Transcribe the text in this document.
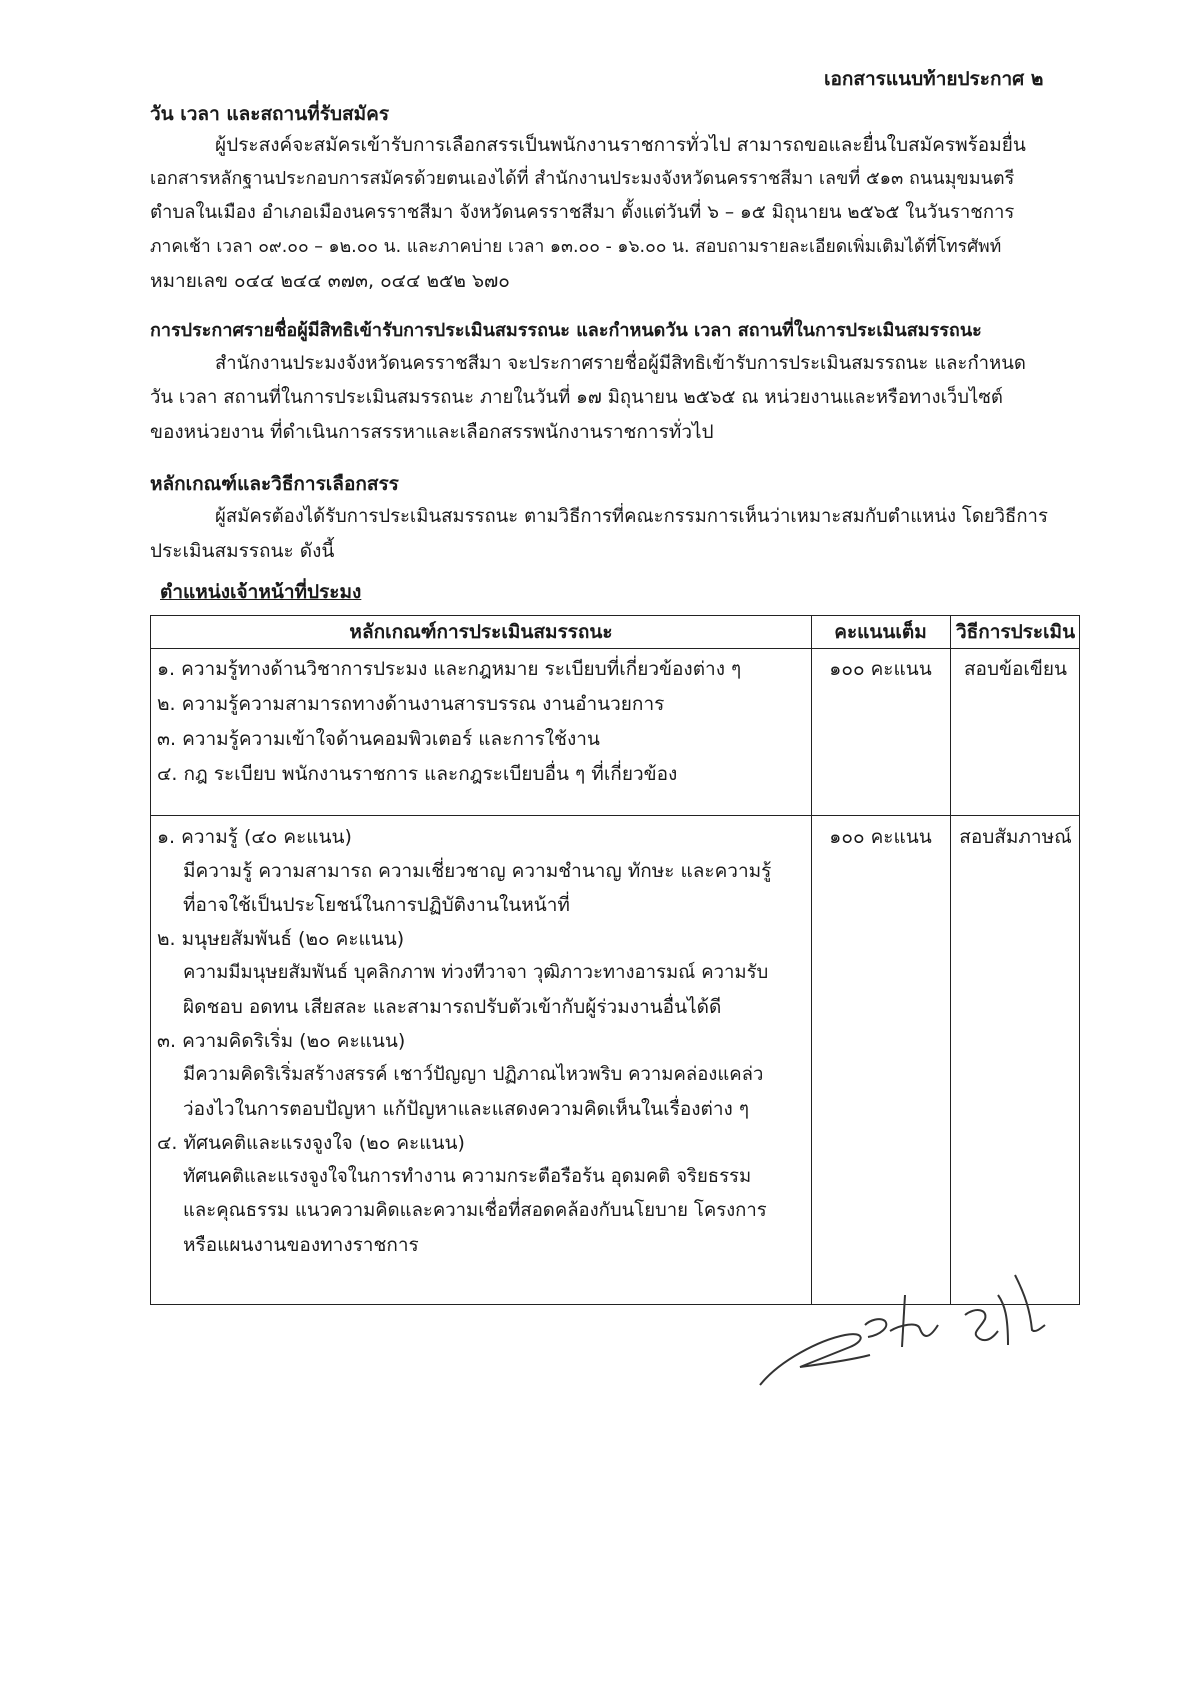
เอกสารแนบท้ายประกาศ ๒
วัน เวลา และสถานที่รับสมัคร
ผู้ประสงค์จะสมัครเข้ารับการเลือกสรรเป็นพนักงานราชการทั่วไป สามารถขอและยื่นใบสมัครพร้อมยื่น
เอกสารหลักฐานประกอบการสมัครด้วยตนเองได้ที่ สำนักงานประมงจังหวัดนครราชสีมา เลขที่ ๕๑๓ ถนนมุขมนตรี
ตำบลในเมือง อำเภอเมืองนครราชสีมา จังหวัดนครราชสีมา ตั้งแต่วันที่ ๖ – ๑๕ มิถุนายน ๒๕๖๕ ในวันราชการ
ภาคเช้า เวลา ๐๙.๐๐ – ๑๒.๐๐ น. และภาคบ่าย เวลา ๑๓.๐๐ - ๑๖.๐๐ น. สอบถามรายละเอียดเพิ่มเติมได้ที่โทรศัพท์
หมายเลข ๐๔๔ ๒๔๔ ๓๗๓, ๐๔๔ ๒๕๒ ๖๗๐
การประกาศรายชื่อผู้มีสิทธิเข้ารับการประเมินสมรรถนะ และกำหนดวัน เวลา สถานที่ในการประเมินสมรรถนะ
สำนักงานประมงจังหวัดนครราชสีมา จะประกาศรายชื่อผู้มีสิทธิเข้ารับการประเมินสมรรถนะ และกำหนด
วัน เวลา สถานที่ในการประเมินสมรรถนะ ภายในวันที่ ๑๗ มิถุนายน ๒๕๖๕ ณ หน่วยงานและหรือทางเว็บไซต์
ของหน่วยงาน ที่ดำเนินการสรรหาและเลือกสรรพนักงานราชการทั่วไป
หลักเกณฑ์และวิธีการเลือกสรร
ผู้สมัครต้องได้รับการประเมินสมรรถนะ ตามวิธีการที่คณะกรรมการเห็นว่าเหมาะสมกับตำแหน่ง โดยวิธีการ
ประเมินสมรรถนะ ดังนี้
ตำแหน่งเจ้าหน้าที่ประมง
หลักเกณฑ์การประเมินสมรรถนะ	คะแนนเต็ม	วิธีการประเมิน
๑. ความรู้ทางด้านวิชาการประมง และกฎหมาย ระเบียบที่เกี่ยวข้องต่าง ๆ
๒. ความรู้ความสามารถทางด้านงานสารบรรณ งานอำนวยการ
๓. ความรู้ความเข้าใจด้านคอมพิวเตอร์ และการใช้งาน
๔. กฎ ระเบียบ พนักงานราชการ และกฎระเบียบอื่น ๆ ที่เกี่ยวข้อง
๑๐๐ คะแนน	สอบข้อเขียน
๑. ความรู้ (๔๐ คะแนน)
มีความรู้ ความสามารถ ความเชี่ยวชาญ ความชำนาญ ทักษะ และความรู้
ที่อาจใช้เป็นประโยชน์ในการปฏิบัติงานในหน้าที่
๒. มนุษยสัมพันธ์ (๒๐ คะแนน)
ความมีมนุษยสัมพันธ์ บุคลิกภาพ ท่วงทีวาจา วุฒิภาวะทางอารมณ์ ความรับ
ผิดชอบ อดทน เสียสละ และสามารถปรับตัวเข้ากับผู้ร่วมงานอื่นได้ดี
๓. ความคิดริเริ่ม (๒๐ คะแนน)
มีความคิดริเริ่มสร้างสรรค์ เชาว์ปัญญา ปฏิภาณไหวพริบ ความคล่องแคล่ว
ว่องไวในการตอบปัญหา แก้ปัญหาและแสดงความคิดเห็นในเรื่องต่าง ๆ
๔. ทัศนคติและแรงจูงใจ (๒๐ คะแนน)
ทัศนคติและแรงจูงใจในการทำงาน ความกระตือรือร้น อุดมคติ จริยธรรม
และคุณธรรม แนวความคิดและความเชื่อที่สอดคล้องกับนโยบาย โครงการ
หรือแผนงานของทางราชการ
๑๐๐ คะแนน	สอบสัมภาษณ์
